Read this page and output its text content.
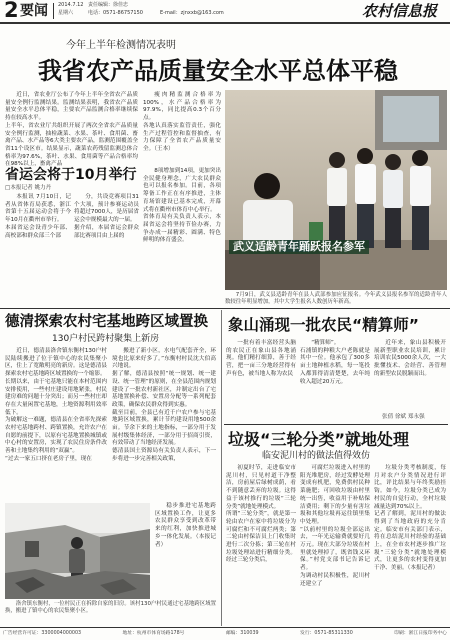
2 要闻 2014.7.12
星期六
责任编辑：徐佳忠
电话：0571-86757150	E-mail：zjnxxb@163.com	农村信息报
今年上半年检测情况表明
我省农产品质量安全水平总体平稳
近日，省农业厅公布了今年上半年全省农产品质量安全例行监测结果。监测结果表明，我省农产品质量安全水平总体平稳，主要农产品监测合格率继续保持在较高水平。
上半年，省农业厅共组织开展了两次全省农产品质量安全例行监测，抽检蔬菜、水果、茶叶、食用菌、畜禽产品、水产品等6大类主要农产品，监测范围覆盖全省11个设区市。结果显示，蔬菜农药残留监测总体合格率为97.6%，茶叶、水果、食用菌等产品合格率均在98%以上，畜禽产品
瘦肉精监测合格率为100%，水产品合格率为97.9%，同比提高0.3个百分点。
各地认真落实监管责任，强化生产过程管控和监督抽查，有力保障了全省农产品质量安全。（王本）
省运会将于10月举行
□本报记者 姚力丹
本报讯 7月10日，记者从省体育局获悉，浙江省第十五届运动会将于今年10月在衢州市举行。
本届省运会设青少年部、高校部和群众部三个部
分，共设竞赛项目31个大项，预计参赛运动员将超过7000人，是历届省运会中规模最大的一届。
据介绍，本届省运会群众部比赛项目由上届的
8项增加到14项，更加突出全民健身理念，广大农民群众也可以报名参加。目前，各项筹备工作正在有序推进，主体育场馆建设已基本完成，开幕式将在衢州市体育中心举行。
省体育局有关负责人表示，本届省运会将坚持节俭办赛，力争办成一届精彩、圆满、特色鲜明的体育盛会。	武义适龄青年踊跃报名参军
7月9日，武义县适龄青年在县人武部参加应征报名。今年武义县报名参军的适龄青年人数较往年明显增加，其中大学生报名人数创历年新高。
德清探索农村宅基地跨区域置换
130户村民跨村聚集上新房
近日，德清县洛舍镇东衡村130户村民陆续搬进了位于镇中心的农民集聚小区，住上了宽敞明亮的新房。这是德清县探索农村宅基地跨区域置换的一个缩影。
长期以来，由于宅基地只能在本村范围内安排使用，一些村庄建设用地紧张，村民建房难的问题十分突出；而另一些村庄却存在大量闲置宅基地，土地资源利用效率低下。
为破解这一难题，德清县在全省率先探索农村宅基地跨村、跨镇置换，允许农户在自愿的前提下，以原有宅基地置换城镇或中心村的安置房，实现了农民住房条件改善和土地集约利用的“双赢”。
“过去一家五口挤在老房子里，现在
搬进了新小区，水电气配套齐全，环境也比原来好多了。”东衡村村民沈大伯高兴地说。
据了解，德清县按照“统一规划、统一建设、统一管理”的原则，在全县范围内规划建设了一批农村新社区，并制定出台了宅基地置换补偿、安置房分配等一系列配套政策，确保农民群众得到实惠。
截至目前，全县已有近千户农户参与宅基地跨区域置换，累计节约建设用地500余亩。节余下来的土地指标，一部分用于发展村级集体经济，一部分用于招商引资，有效带动了当地经济发展。
德清县国土资源局有关负责人表示，下一步将进一步完善相关政策，
稳步推进宅基地跨区域置换工作，让更多农民群众享受到改革带来的红利，加快推进城乡一体化发展。（本报记者）
洛舍镇东衡村，一位村民正在拆除自家的旧房。该村130户村民通过宅基地跨区域置换，搬进了镇中心的农民集聚小区。
象山涌现一批农民“精算师”
一批有着丰富经营头脑的农民正在象山县各地涌现。他们精打细算，善于经营，把一亩三分地经营得有声有色，被当地人称为农民
“精算师”。
石浦镇的种粮大户老陈就是其中一位。他承包了300多亩土地种植水稻，每一笔投入都算得清清楚楚，去年纯收入超过20万元。
近年来，象山县积极开展新型职业农民培训，累计培训农民5000余人次，一大批懂技术、会经营、善管理的新型农民脱颖而出。
张倩 徐斌 郑永强
垃圾“三轮分类”就地处理
临安泥川村的做法值得效仿
初夏时节，走进临安市泥川村，只见村道干净整洁，房前屋后绿树成荫，看不到随意丢弃的垃圾。这得益于该村推行的垃圾“三轮分类”就地处理模式。
所谓“三轮分类”，就是第一轮由农户在家中将垃圾分为可腐烂和不可腐烂两类；第二轮由村保洁员上门收集时进行二次分拣；第三轮在村垃圾处理站进行精细分类。经过三轮分类后，
可腐烂垃圾进入村里的阳光堆肥房，经过发酵处理变成有机肥，免费供村民种菜施肥；可回收垃圾由村里统一出售，收益用于补贴保洁费用；剩下的少量有害垃圾和其他垃圾再运往镇里集中处理。
“以前村里的垃圾全部运出去，一年光运输费就要好几万元。现在大部分垃圾在村里就处理掉了，既省钱又环保。”村党支部书记告诉记者。
为调动村民积极性，泥川村还建立了
垃圾分类考核制度，每月对农户分类情况进行评比，评比结果与年终奖励挂钩。如今，垃圾分类已成为村民的自觉行动，全村垃圾减量达到70%以上。
记者了解到，泥川村的做法得到了当地政府的充分肯定。临安市有关部门表示，将在总结泥川村经验的基础上，在全市农村逐步推广垃圾“三轮分类”就地处理模式，让更多的农村变得更加干净、美丽。（本报记者）
广告经营许可证：3300004000003	地址：杭州市体育场路178号	邮编：310039	发行：0571-85311330	印刷：浙江日报印务中心
